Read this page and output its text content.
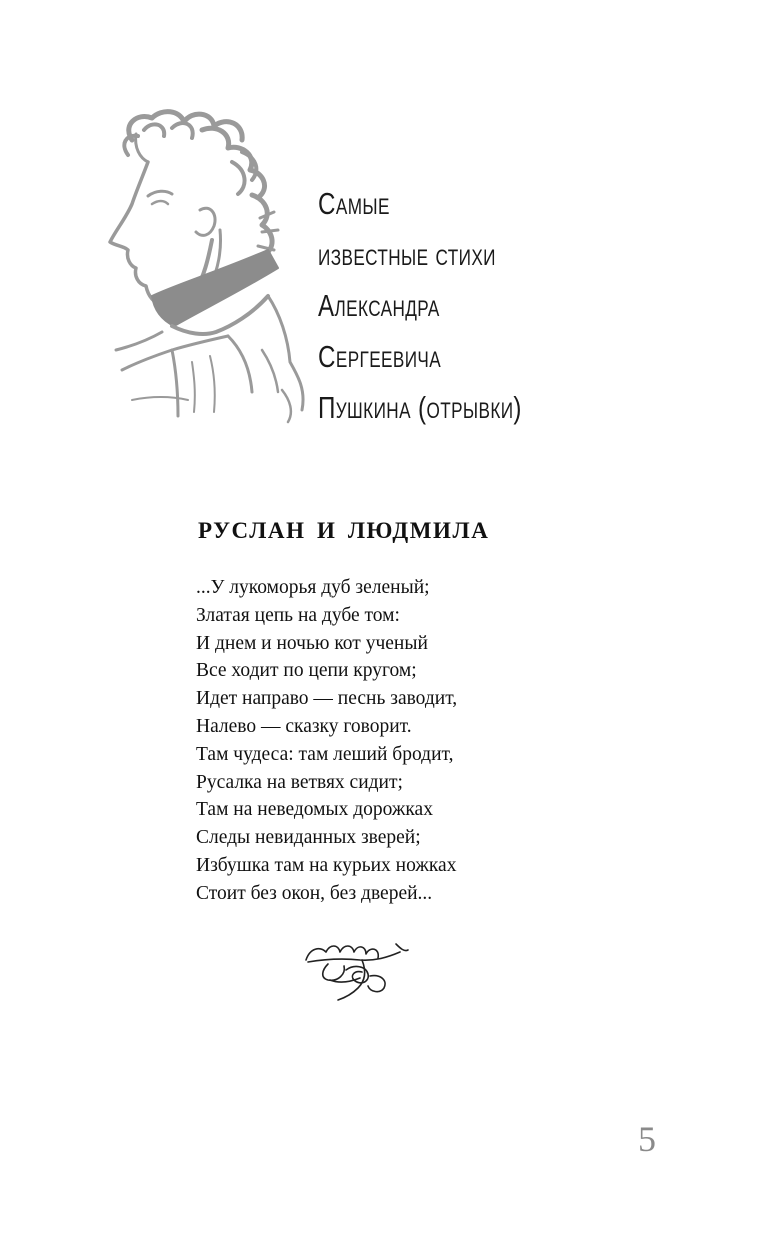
Самые
известные стихи
Александра
Сергеевича
Пушкина (отрывки)
РУСЛАН И ЛЮДМИЛА
...У лукоморья дуб зеленый;
Златая цепь на дубе том:
И днем и ночью кот ученый
Все ходит по цепи кругом;
Идет направо — песнь заводит,
Налево — сказку говорит.
Там чудеса: там леший бродит,
Русалка на ветвях сидит;
Там на неведомых дорожках
Следы невиданных зверей;
Избушка там на курьих ножках
Стоит без окон, без дверей...
5
